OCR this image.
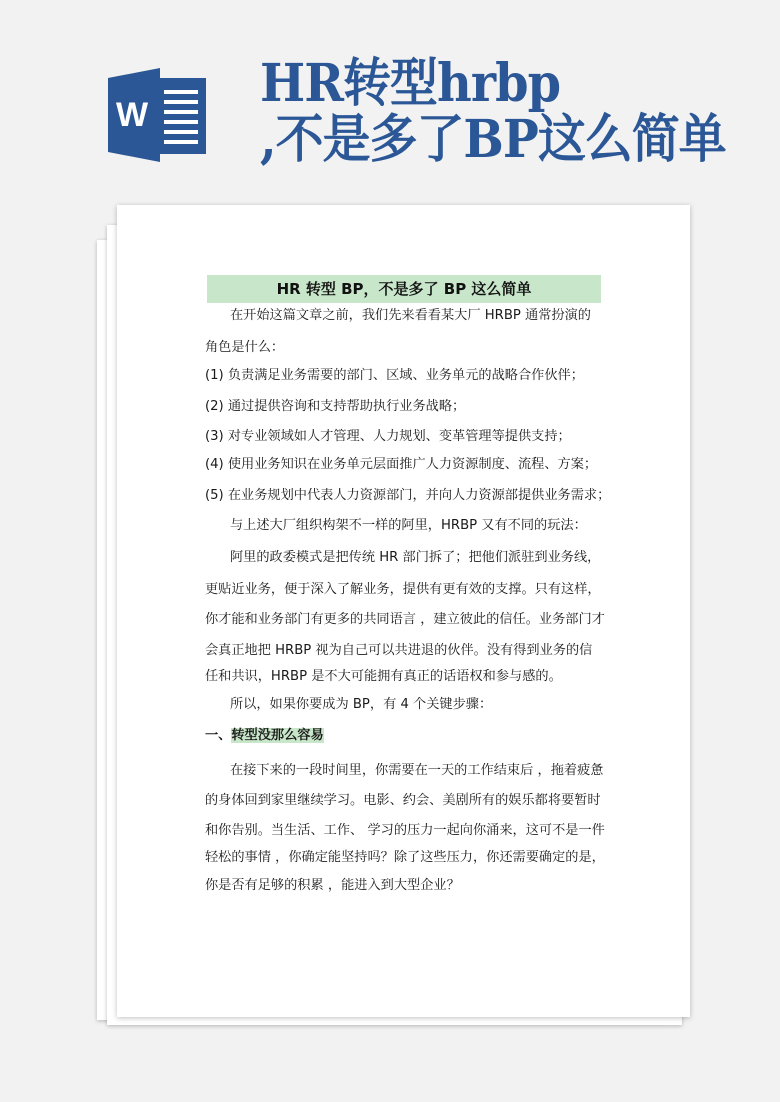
W
HR转型hrbp
,不是多了BP这么简单
HR 转型 BP，不是多了 BP 这么简单
在开始这篇文章之前，我们先来看看某大厂 HRBP 通常扮演的
角色是什么：
(1) 负责满足业务需要的部门、区域、业务单元的战略合作伙伴；
(2) 通过提供咨询和支持帮助执行业务战略；
(3) 对专业领域如人才管理、人力规划、变革管理等提供支持；
(4) 使用业务知识在业务单元层面推广人力资源制度、流程、方案；
(5) 在业务规划中代表人力资源部门，并向人力资源部提供业务需求；
与上述大厂组织构架不一样的阿里，HRBP 又有不同的玩法：
阿里的政委模式是把传统 HR 部门拆了；把他们派驻到业务线，
更贴近业务，便于深入了解业务，提供有更有效的支撑。只有这样，
你才能和业务部门有更多的共同语言 ，建立彼此的信任。业务部门才
会真正地把 HRBP 视为自己可以共进退的伙伴。没有得到业务的信
任和共识，HRBP 是不大可能拥有真正的话语权和参与感的。
所以，如果你要成为 BP，有 4 个关键步骤：
一、转型没那么容易
在接下来的一段时间里，你需要在一天的工作结束后 ，拖着疲惫
的身体回到家里继续学习。电影、约会、美剧所有的娱乐都将要暂时
和你告别。当生活、工作、 学习的压力一起向你涌来，这可不是一件
轻松的事情 ，你确定能坚持吗？除了这些压力，你还需要确定的是，
你是否有足够的积累 ，能进入到大型企业？
